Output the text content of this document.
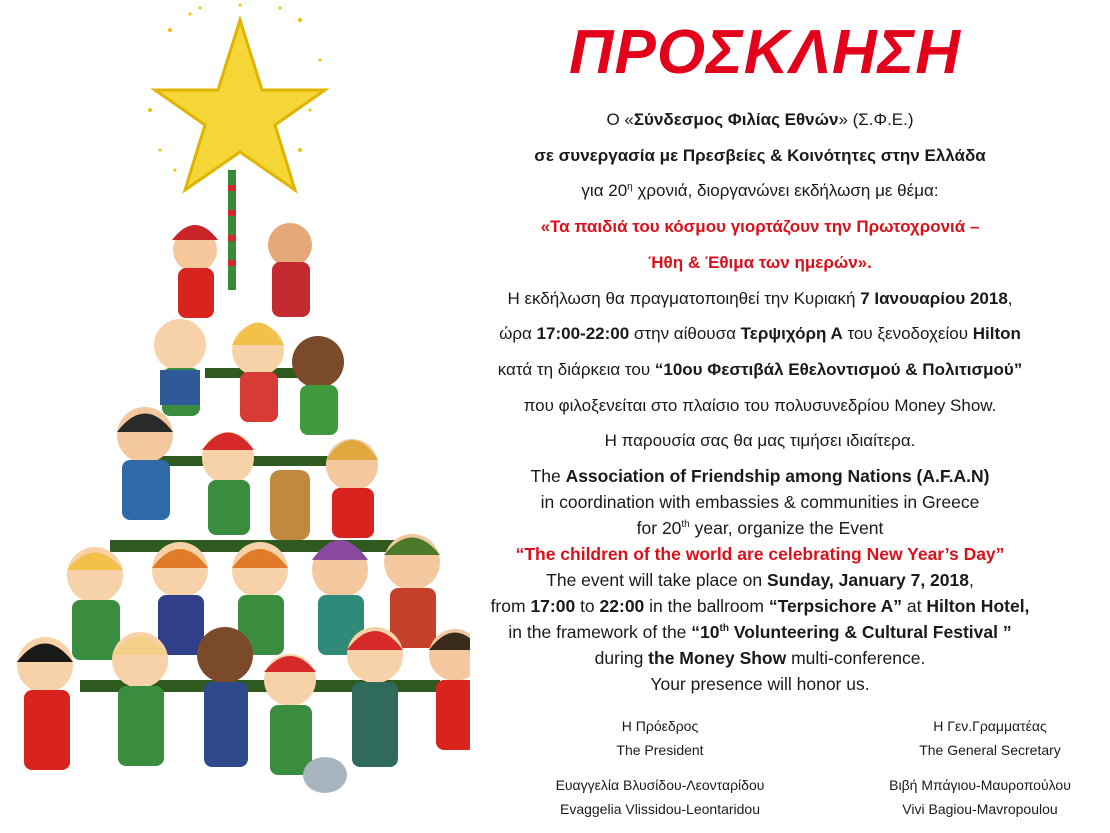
ΠΡΟΣΚΛΗΣΗ

Ο «Σύνδεσμος Φιλίας Εθνών» (Σ.Φ.Ε.)

σε συνεργασία με Πρεσβείες & Κοινότητες στην Ελλάδα

για $20^\eta$ χρονιά, διοργανώνει εκδήλωση με θέμα:

«Τα παιδιά του κόσμου γιορτάζουν την Πρωτοχρονιά –

Ήθη & Έθιμα των ημερών».

Η εκδήλωση θα πραγματοποιηθεί την Κυριακή 7 Ιανουαρίου 2018,

ώρα 17:00-22:00 στην αίθουσα Τερψιχόρη Α του ξενοδοχείου Hilton

κατά τη διάρκεια του “10ου Φεστιβάλ Εθελοντισμού & Πολιτισμού”

που φιλοξενείται στο πλαίσιο του πολυσυνεδρίου Money Show.

Η παρουσία σας θα μας τιμήσει ιδιαίτερα.

The Association of Friendship among Nations (A.F.A.N)

in coordination with embassies & communities in Greece

for 20th year, organize the Event

“The children of the world are celebrating New Year’s Day”

The event will take place on Sunday, January 7, 2018,

from 17:00 to 22:00 in the ballroom “Terpsichore A” at Hilton Hotel,

in the framework of the “10th Volunteering & Cultural Festival ”

during the Money Show multi-conference.

Your presence will honor us.

Η Πρόεδρος
The President
Η Γεν.Γραμματέας
The General Secretary
Ευαγγελία Βλυσίδου-Λεονταρίδου
Evaggelia Vlissidou-Leontaridou
Βιβή Μπάγιου-Μαυροπούλου
Vivi Bagiou-Mavropoulou
